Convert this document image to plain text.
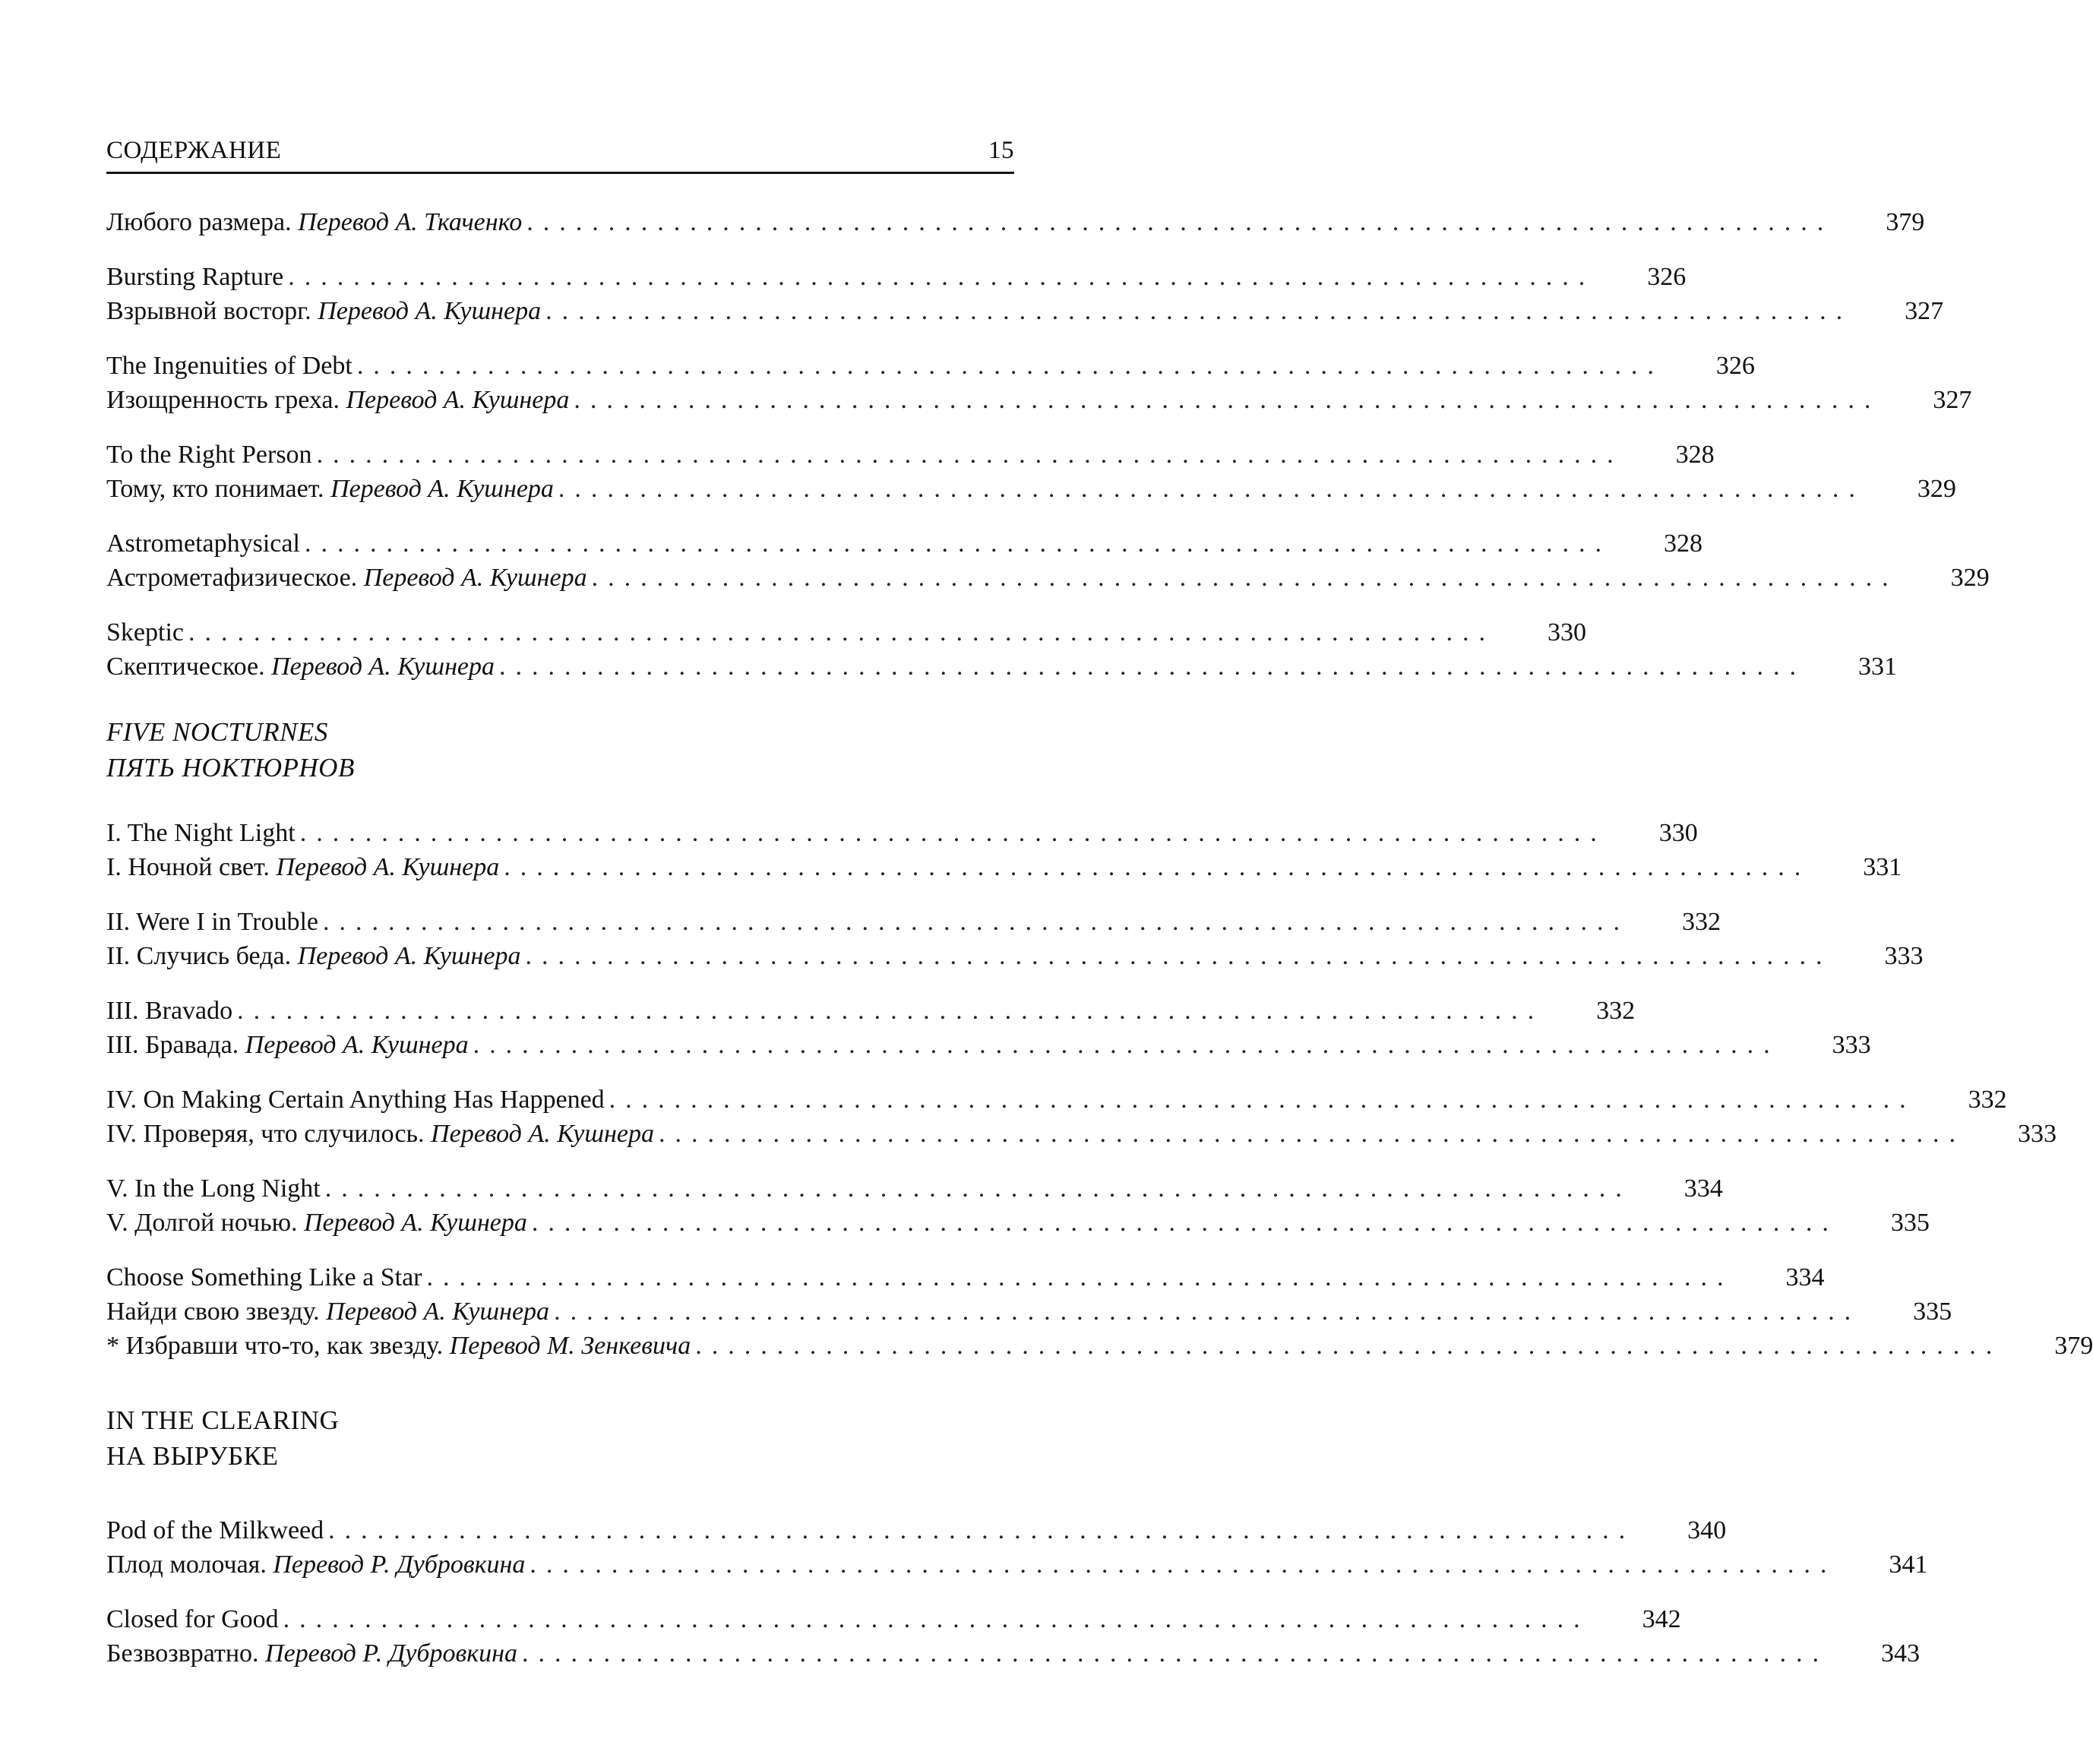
СОДЕРЖАНИЕ	15
Любого размера. Перевод А. Ткаченко ................................................................................	379
Bursting Rapture ................................................................................	326
Взрывной восторг. Перевод А. Кушнера ................................................................................	327
The Ingenuities of Debt ................................................................................	326
Изощренность греха. Перевод А. Кушнера ................................................................................	327
To the Right Person ................................................................................	328
Тому, кто понимает. Перевод А. Кушнера ................................................................................	329
Astrometaphysical ................................................................................	328
Астрометафизическое. Перевод А. Кушнера ................................................................................	329
Skeptic ................................................................................	330
Скептическое. Перевод А. Кушнера ................................................................................	331
FIVE NOCTURNES
ПЯТЬ НОКТЮРНОВ
I. The Night Light ................................................................................	330
I. Ночной свет. Перевод А. Кушнера ................................................................................	331
II. Were I in Trouble ................................................................................	332
II. Случись беда. Перевод А. Кушнера ................................................................................	333
III. Bravado ................................................................................	332
III. Бравада. Перевод А. Кушнера ................................................................................	333
IV. On Making Certain Anything Has Happened ................................................................................	332
IV. Проверяя, что случилось. Перевод А. Кушнера ................................................................................	333
V. In the Long Night ................................................................................	334
V. Долгой ночью. Перевод А. Кушнера ................................................................................	335
Choose Something Like a Star ................................................................................	334
Найди свою звезду. Перевод А. Кушнера ................................................................................	335
* Избравши что-то, как звезду. Перевод М. Зенкевича ................................................................................	379
IN THE CLEARING
НА ВЫРУБКЕ
Pod of the Milkweed ................................................................................	340
Плод молочая. Перевод Р. Дубровкина ................................................................................	341
Closed for Good ................................................................................	342
Безвозвратно. Перевод Р. Дубровкина ................................................................................	343
